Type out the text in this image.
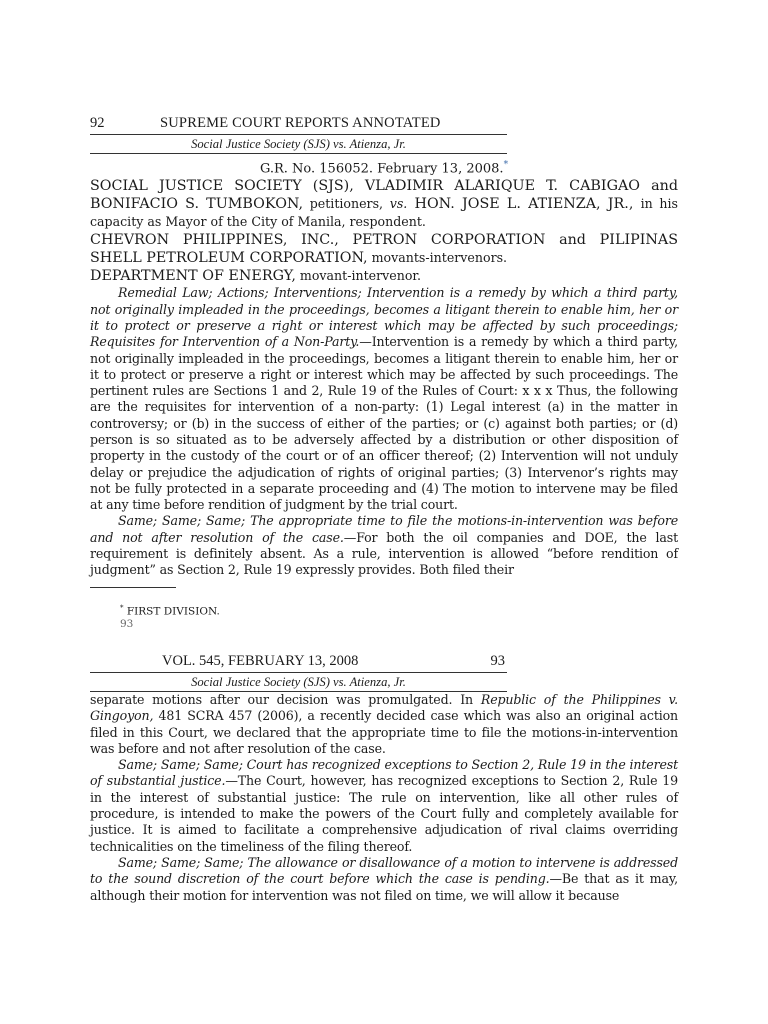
92	SUPREME COURT REPORTS ANNOTATED
Social Justice Society (SJS) vs. Atienza, Jr.
G.R. No. 156052. February 13, 2008.*

SOCIAL JUSTICE SOCIETY (SJS), VLADIMIR ALARIQUE T. CABIGAO and BONIFACIO S. TUMBOKON, petitioners, vs. HON. JOSE L. ATIENZA, JR., in his capacity as Mayor of the City of Manila, respondent.

CHEVRON PHILIPPINES, INC., PETRON CORPORATION and PILIPINAS SHELL PETROLEUM CORPORATION, movants-intervenors.

DEPARTMENT OF ENERGY, movant-intervenor.

Remedial Law; Actions; Interventions; Intervention is a remedy by which a third party, not originally impleaded in the proceedings, becomes a litigant therein to enable him, her or it to protect or preserve a right or interest which may be affected by such proceedings; Requisites for Intervention of a Non-Party.—Intervention is a remedy by which a third party, not originally impleaded in the proceedings, becomes a litigant therein to enable him, her or it to protect or preserve a right or interest which may be affected by such proceedings. The pertinent rules are Sections 1 and 2, Rule 19 of the Rules of Court: x x x Thus, the following are the requisites for intervention of a non-party: (1) Legal interest (a) in the matter in controversy; or (b) in the success of either of the parties; or (c) against both parties; or (d) person is so situated as to be adversely affected by a distribution or other disposition of property in the custody of the court or of an officer thereof; (2) Intervention will not unduly delay or prejudice the adjudication of rights of original parties; (3) Intervenor’s rights may not be fully protected in a separate proceeding and (4) The motion to intervene may be filed at any time before rendition of judgment by the trial court.

Same; Same; Same; The appropriate time to file the motions-in-intervention was before and not after resolution of the case.—For both the oil companies and DOE, the last requirement is definitely absent. As a rule, intervention is allowed “before rendition of judgment” as Section 2, Rule 19 expressly provides. Both filed their

* FIRST DIVISION.
93
VOL. 545, FEBRUARY 13, 2008	93
Social Justice Society (SJS) vs. Atienza, Jr.

separate motions after our decision was promulgated. In Republic of the Philippines v. Gingoyon, 481 SCRA 457 (2006), a recently decided case which was also an original action filed in this Court, we declared that the appropriate time to file the motions-in-intervention was before and not after resolution of the case.

Same; Same; Same; Court has recognized exceptions to Section 2, Rule 19 in the interest of substantial justice.—The Court, however, has recognized exceptions to Section 2, Rule 19 in the interest of substantial justice: The rule on intervention, like all other rules of procedure, is intended to make the powers of the Court fully and completely available for justice. It is aimed to facilitate a comprehensive adjudication of rival claims overriding technicalities on the timeliness of the filing thereof.

Same; Same; Same; The allowance or disallowance of a motion to intervene is addressed to the sound discretion of the court before which the case is pending.—Be that as it may, although their motion for intervention was not filed on time, we will allow it because
